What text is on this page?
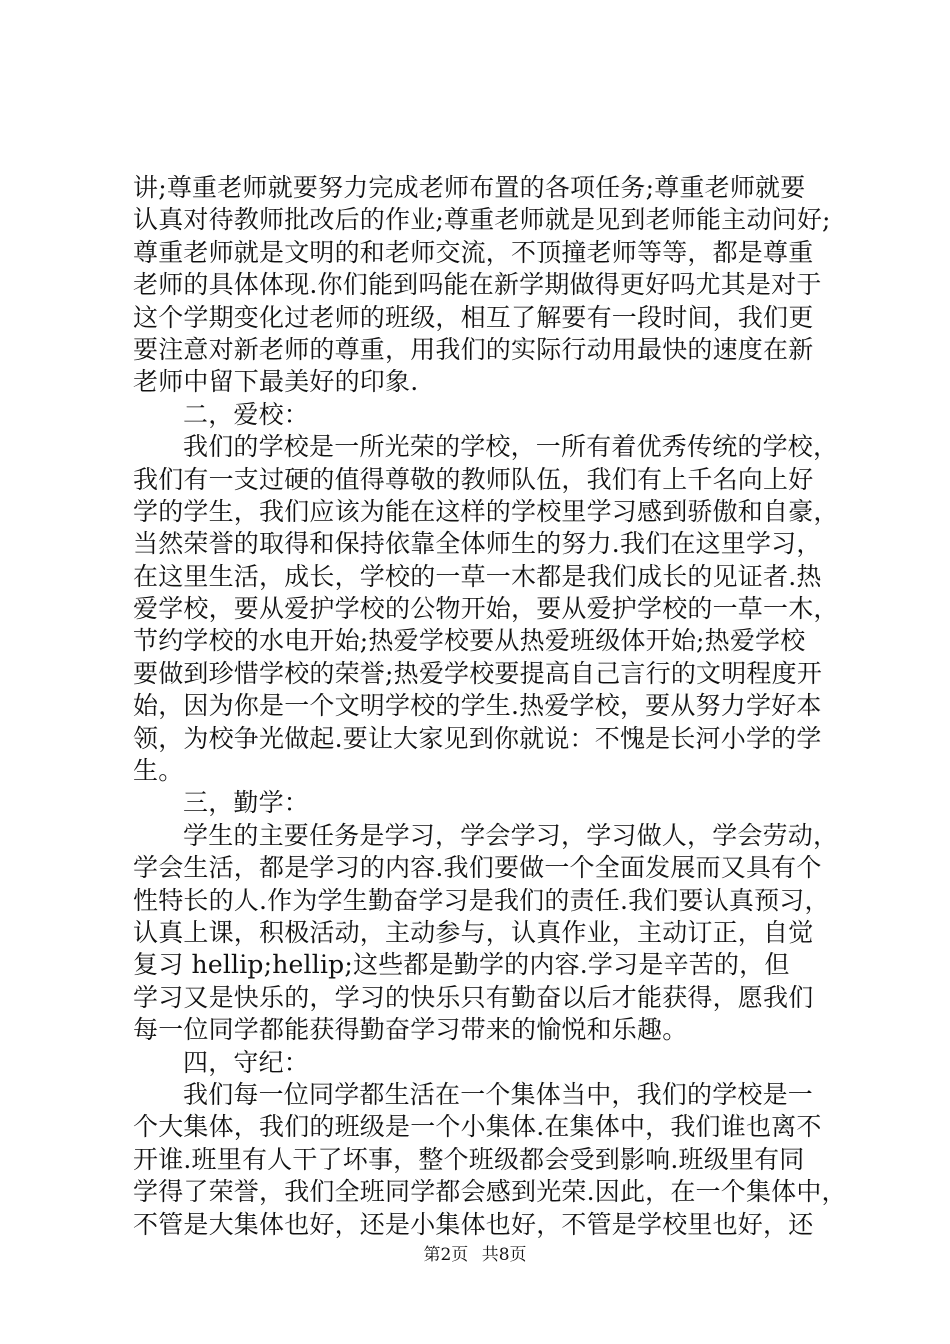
讲;尊重老师就要努力完成老师布置的各项任务;尊重老师就要
认真对待教师批改后的作业;尊重老师就是见到老师能主动问好;
尊重老师就是文明的和老师交流，不顶撞老师等等，都是尊重
老师的具体体现.你们能到吗能在新学期做得更好吗尤其是对于
这个学期变化过老师的班级，相互了解要有一段时间，我们更
要注意对新老师的尊重，用我们的实际行动用最快的速度在新
老师中留下最美好的印象.
二，爱校：
我们的学校是一所光荣的学校，一所有着优秀传统的学校，
我们有一支过硬的值得尊敬的教师队伍，我们有上千名向上好
学的学生，我们应该为能在这样的学校里学习感到骄傲和自豪，
当然荣誉的取得和保持依靠全体师生的努力.我们在这里学习，
在这里生活，成长，学校的一草一木都是我们成长的见证者.热
爱学校，要从爱护学校的公物开始，要从爱护学校的一草一木，
节约学校的水电开始;热爱学校要从热爱班级体开始;热爱学校
要做到珍惜学校的荣誉;热爱学校要提高自己言行的文明程度开
始，因为你是一个文明学校的学生.热爱学校，要从努力学好本
领，为校争光做起.要让大家见到你就说：不愧是长河小学的学
生。
三，勤学：
学生的主要任务是学习，学会学习，学习做人，学会劳动，
学会生活，都是学习的内容.我们要做一个全面发展而又具有个
性特长的人.作为学生勤奋学习是我们的责任.我们要认真预习，
认真上课，积极活动，主动参与，认真作业，主动订正，自觉
复习 hellip;hellip;这些都是勤学的内容.学习是辛苦的，但
学习又是快乐的，学习的快乐只有勤奋以后才能获得，愿我们
每一位同学都能获得勤奋学习带来的愉悦和乐趣。
四，守纪：
我们每一位同学都生活在一个集体当中，我们的学校是一
个大集体，我们的班级是一个小集体.在集体中，我们谁也离不
开谁.班里有人干了坏事，整个班级都会受到影响.班级里有同
学得了荣誉，我们全班同学都会感到光荣.因此，在一个集体中，
不管是大集体也好，还是小集体也好，不管是学校里也好，还
第2页 共8页
